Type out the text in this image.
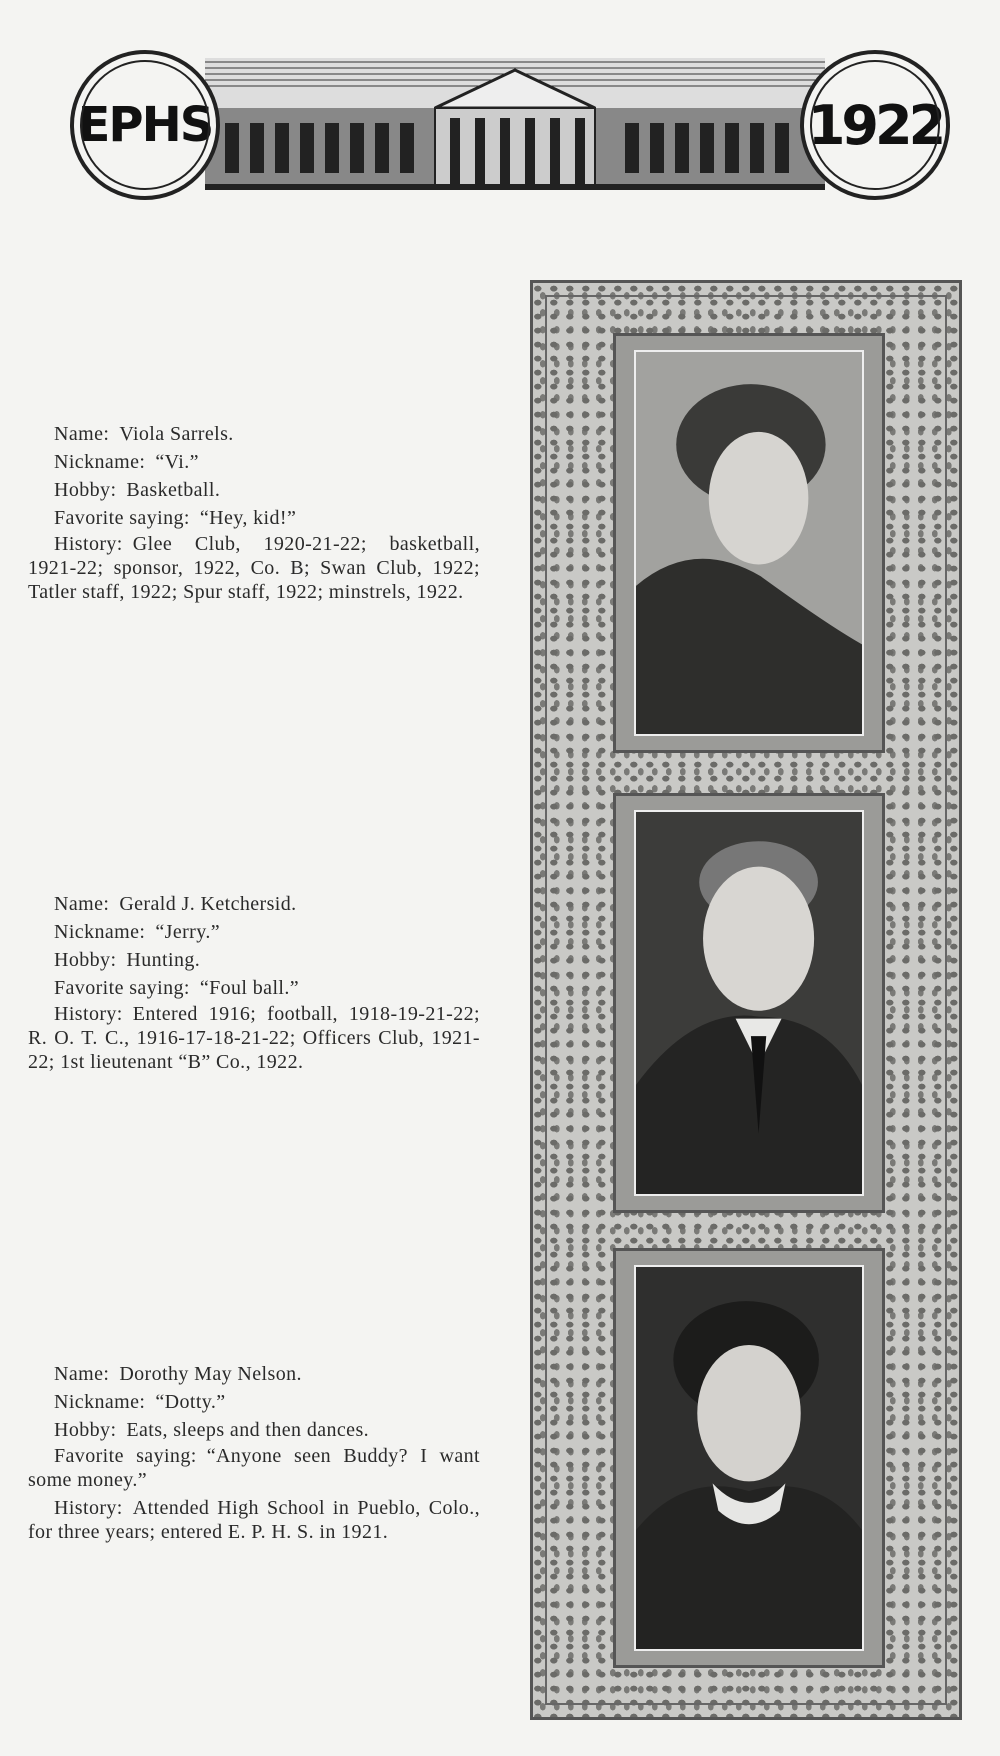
EPHS	1922

Name: Viola Sarrels.

Nickname: “Vi.”

Hobby: Basketball.

Favorite saying: “Hey, kid!”

History: Glee Club, 1920-21-22; basketball, 1921-22; sponsor, 1922, Co. B; Swan Club, 1922; Tatler staff, 1922; Spur staff, 1922; minstrels, 1922.

Name: Gerald J. Ketchersid.

Nickname: “Jerry.”

Hobby: Hunting.

Favorite saying: “Foul ball.”

History: Entered 1916; football, 1918-19-21-22; R. O. T. C., 1916-17-18-21-22; Officers Club, 1921-22; 1st lieutenant “B” Co., 1922.

Name: Dorothy May Nelson.

Nickname: “Dotty.”

Hobby: Eats, sleeps and then dances.

Favorite saying: “Anyone seen Buddy? I want some money.”

History: Attended High School in Pueblo, Colo., for three years; entered E. P. H. S. in 1921.
